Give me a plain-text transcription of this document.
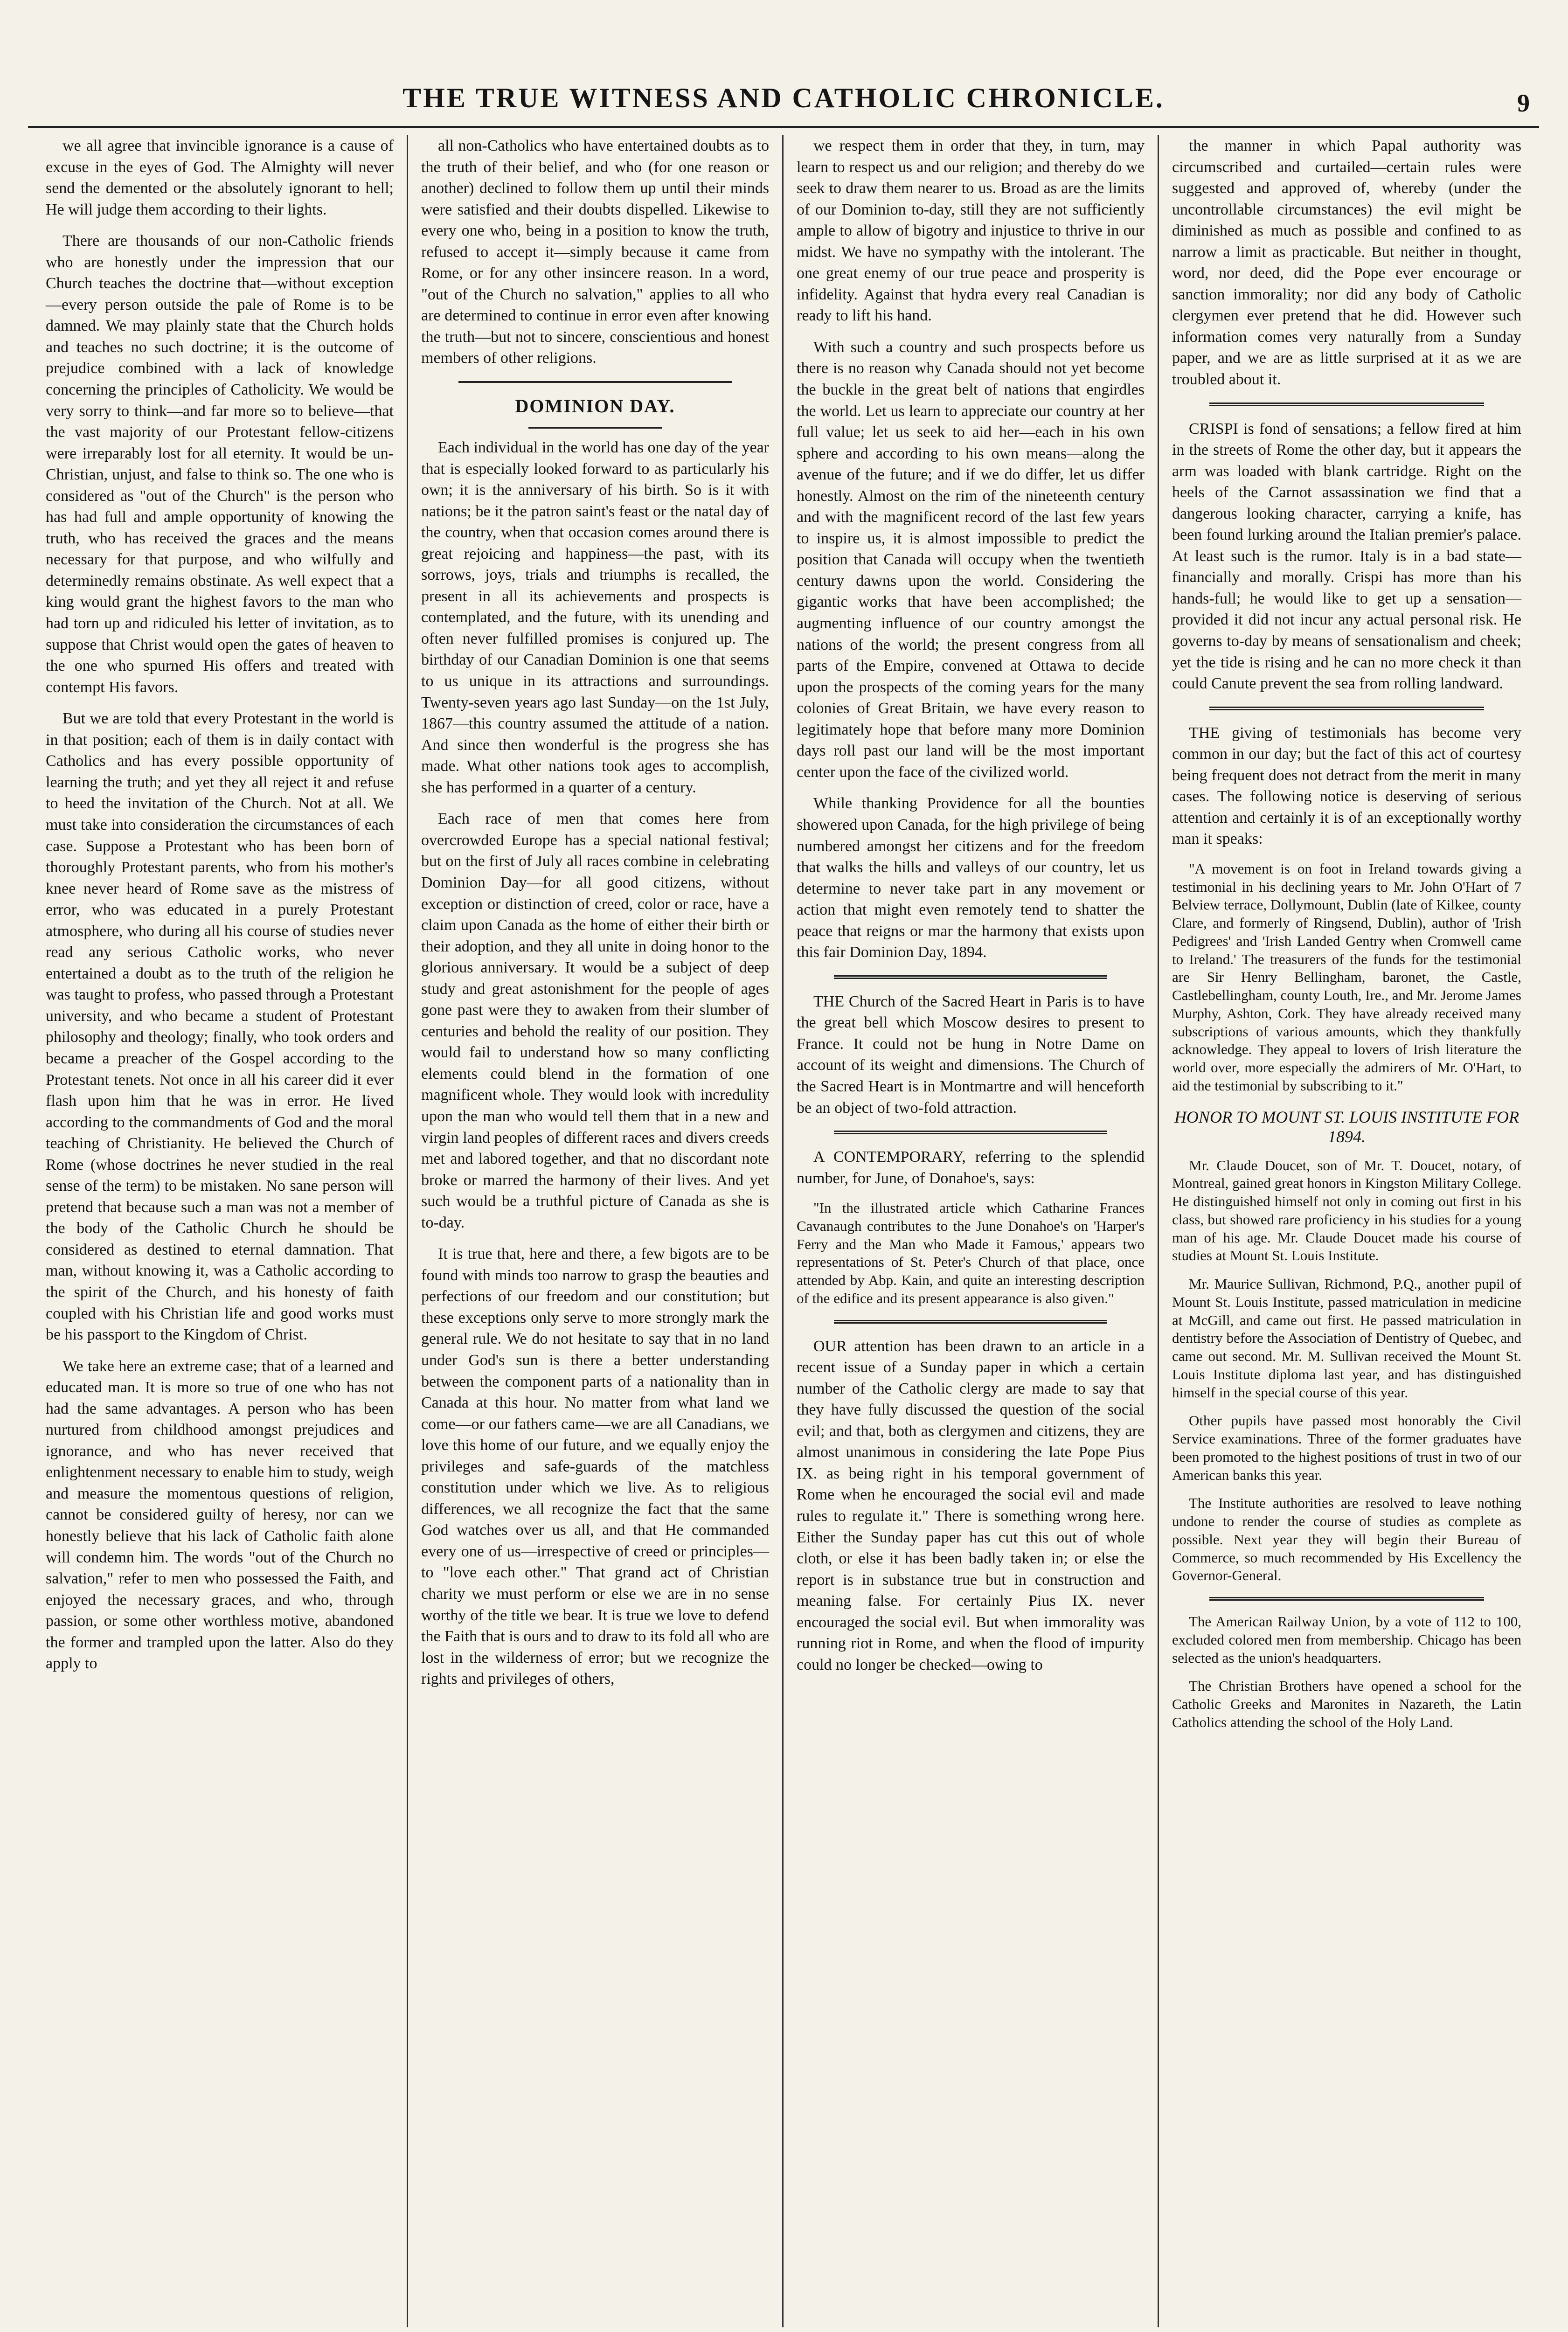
THE TRUE WITNESS AND CATHOLIC CHRONICLE.	9

we all agree that invincible ignorance is a cause of excuse in the eyes of God. The Almighty will never send the demented or the absolutely ignorant to hell; He will judge them according to their lights.

There are thousands of our non-Catholic friends who are honestly under the impression that our Church teaches the doctrine that—without exception—every person outside the pale of Rome is to be damned. We may plainly state that the Church holds and teaches no such doctrine; it is the outcome of prejudice combined with a lack of knowledge concerning the principles of Catholicity. We would be very sorry to think—and far more so to believe—that the vast majority of our Protestant fellow-citizens were irreparably lost for all eternity. It would be un-Christian, unjust, and false to think so. The one who is considered as "out of the Church" is the person who has had full and ample opportunity of knowing the truth, who has received the graces and the means necessary for that purpose, and who wilfully and determinedly remains obstinate. As well expect that a king would grant the highest favors to the man who had torn up and ridiculed his letter of invitation, as to suppose that Christ would open the gates of heaven to the one who spurned His offers and treated with contempt His favors.

But we are told that every Protestant in the world is in that position; each of them is in daily contact with Catholics and has every possible opportunity of learning the truth; and yet they all reject it and refuse to heed the invitation of the Church. Not at all. We must take into consideration the circumstances of each case. Suppose a Protestant who has been born of thoroughly Protestant parents, who from his mother's knee never heard of Rome save as the mistress of error, who was educated in a purely Protestant atmosphere, who during all his course of studies never read any serious Catholic works, who never entertained a doubt as to the truth of the religion he was taught to profess, who passed through a Protestant university, and who became a student of Protestant philosophy and theology; finally, who took orders and became a preacher of the Gospel according to the Protestant tenets. Not once in all his career did it ever flash upon him that he was in error. He lived according to the commandments of God and the moral teaching of Christianity. He believed the Church of Rome (whose doctrines he never studied in the real sense of the term) to be mistaken. No sane person will pretend that because such a man was not a member of the body of the Catholic Church he should be considered as destined to eternal damnation. That man, without knowing it, was a Catholic according to the spirit of the Church, and his honesty of faith coupled with his Christian life and good works must be his passport to the Kingdom of Christ.

We take here an extreme case; that of a learned and educated man. It is more so true of one who has not had the same advantages. A person who has been nurtured from childhood amongst prejudices and ignorance, and who has never received that enlightenment necessary to enable him to study, weigh and measure the momentous questions of religion, cannot be considered guilty of heresy, nor can we honestly believe that his lack of Catholic faith alone will condemn him. The words "out of the Church no salvation," refer to men who possessed the Faith, and enjoyed the necessary graces, and who, through passion, or some other worthless motive, abandoned the former and trampled upon the latter. Also do they apply to

all non-Catholics who have entertained doubts as to the truth of their belief, and who (for one reason or another) declined to follow them up until their minds were satisfied and their doubts dispelled. Likewise to every one who, being in a position to know the truth, refused to accept it—simply because it came from Rome, or for any other insincere reason. In a word, "out of the Church no salvation," applies to all who are determined to continue in error even after knowing the truth—but not to sincere, conscientious and honest members of other religions.

DOMINION DAY.

Each individual in the world has one day of the year that is especially looked forward to as particularly his own; it is the anniversary of his birth. So is it with nations; be it the patron saint's feast or the natal day of the country, when that occasion comes around there is great rejoicing and happiness—the past, with its sorrows, joys, trials and triumphs is recalled, the present in all its achievements and prospects is contemplated, and the future, with its unending and often never fulfilled promises is conjured up. The birthday of our Canadian Dominion is one that seems to us unique in its attractions and surroundings. Twenty-seven years ago last Sunday—on the 1st July, 1867—this country assumed the attitude of a nation. And since then wonderful is the progress she has made. What other nations took ages to accomplish, she has performed in a quarter of a century.

Each race of men that comes here from overcrowded Europe has a special national festival; but on the first of July all races combine in celebrating Dominion Day—for all good citizens, without exception or distinction of creed, color or race, have a claim upon Canada as the home of either their birth or their adoption, and they all unite in doing honor to the glorious anniversary. It would be a subject of deep study and great astonishment for the people of ages gone past were they to awaken from their slumber of centuries and behold the reality of our position. They would fail to understand how so many conflicting elements could blend in the formation of one magnificent whole. They would look with incredulity upon the man who would tell them that in a new and virgin land peoples of different races and divers creeds met and labored together, and that no discordant note broke or marred the harmony of their lives. And yet such would be a truthful picture of Canada as she is to-day.

It is true that, here and there, a few bigots are to be found with minds too narrow to grasp the beauties and perfections of our freedom and our constitution; but these exceptions only serve to more strongly mark the general rule. We do not hesitate to say that in no land under God's sun is there a better understanding between the component parts of a nationality than in Canada at this hour. No matter from what land we come—or our fathers came—we are all Canadians, we love this home of our future, and we equally enjoy the privileges and safe-guards of the matchless constitution under which we live. As to religious differences, we all recognize the fact that the same God watches over us all, and that He commanded every one of us—irrespective of creed or principles—to "love each other." That grand act of Christian charity we must perform or else we are in no sense worthy of the title we bear. It is true we love to defend the Faith that is ours and to draw to its fold all who are lost in the wilderness of error; but we recognize the rights and privileges of others,

we respect them in order that they, in turn, may learn to respect us and our religion; and thereby do we seek to draw them nearer to us. Broad as are the limits of our Dominion to-day, still they are not sufficiently ample to allow of bigotry and injustice to thrive in our midst. We have no sympathy with the intolerant. The one great enemy of our true peace and prosperity is infidelity. Against that hydra every real Canadian is ready to lift his hand.

With such a country and such prospects before us there is no reason why Canada should not yet become the buckle in the great belt of nations that engirdles the world. Let us learn to appreciate our country at her full value; let us seek to aid her—each in his own sphere and according to his own means—along the avenue of the future; and if we do differ, let us differ honestly. Almost on the rim of the nineteenth century and with the magnificent record of the last few years to inspire us, it is almost impossible to predict the position that Canada will occupy when the twentieth century dawns upon the world. Considering the gigantic works that have been accomplished; the augmenting influence of our country amongst the nations of the world; the present congress from all parts of the Empire, convened at Ottawa to decide upon the prospects of the coming years for the many colonies of Great Britain, we have every reason to legitimately hope that before many more Dominion days roll past our land will be the most important center upon the face of the civilized world.

While thanking Providence for all the bounties showered upon Canada, for the high privilege of being numbered amongst her citizens and for the freedom that walks the hills and valleys of our country, let us determine to never take part in any movement or action that might even remotely tend to shatter the peace that reigns or mar the harmony that exists upon this fair Dominion Day, 1894.

THE Church of the Sacred Heart in Paris is to have the great bell which Moscow desires to present to France. It could not be hung in Notre Dame on account of its weight and dimensions. The Church of the Sacred Heart is in Montmartre and will henceforth be an object of two-fold attraction.

A CONTEMPORARY, referring to the splendid number, for June, of Donahoe's, says:

"In the illustrated article which Catharine Frances Cavanaugh contributes to the June Donahoe's on 'Harper's Ferry and the Man who Made it Famous,' appears two representations of St. Peter's Church of that place, once attended by Abp. Kain, and quite an interesting description of the edifice and its present appearance is also given."

OUR attention has been drawn to an article in a recent issue of a Sunday paper in which a certain number of the Catholic clergy are made to say that they have fully discussed the question of the social evil; and that, both as clergymen and citizens, they are almost unanimous in considering the late Pope Pius IX. as being right in his temporal government of Rome when he encouraged the social evil and made rules to regulate it." There is something wrong here. Either the Sunday paper has cut this out of whole cloth, or else it has been badly taken in; or else the report is in substance true but in construction and meaning false. For certainly Pius IX. never encouraged the social evil. But when immorality was running riot in Rome, and when the flood of impurity could no longer be checked—owing to

the manner in which Papal authority was circumscribed and curtailed—certain rules were suggested and approved of, whereby (under the uncontrollable circumstances) the evil might be diminished as much as possible and confined to as narrow a limit as practicable. But neither in thought, word, nor deed, did the Pope ever encourage or sanction immorality; nor did any body of Catholic clergymen ever pretend that he did. However such information comes very naturally from a Sunday paper, and we are as little surprised at it as we are troubled about it.

CRISPI is fond of sensations; a fellow fired at him in the streets of Rome the other day, but it appears the arm was loaded with blank cartridge. Right on the heels of the Carnot assassination we find that a dangerous looking character, carrying a knife, has been found lurking around the Italian premier's palace. At least such is the rumor. Italy is in a bad state—financially and morally. Crispi has more than his hands-full; he would like to get up a sensation—provided it did not incur any actual personal risk. He governs to-day by means of sensationalism and cheek; yet the tide is rising and he can no more check it than could Canute prevent the sea from rolling landward.

THE giving of testimonials has become very common in our day; but the fact of this act of courtesy being frequent does not detract from the merit in many cases. The following notice is deserving of serious attention and certainly it is of an exceptionally worthy man it speaks:

"A movement is on foot in Ireland towards giving a testimonial in his declining years to Mr. John O'Hart of 7 Belview terrace, Dollymount, Dublin (late of Kilkee, county Clare, and formerly of Ringsend, Dublin), author of 'Irish Pedigrees' and 'Irish Landed Gentry when Cromwell came to Ireland.' The treasurers of the funds for the testimonial are Sir Henry Bellingham, baronet, the Castle, Castlebellingham, county Louth, Ire., and Mr. Jerome James Murphy, Ashton, Cork. They have already received many subscriptions of various amounts, which they thankfully acknowledge. They appeal to lovers of Irish literature the world over, more especially the admirers of Mr. O'Hart, to aid the testimonial by subscribing to it."

HONOR TO MOUNT ST. LOUIS INSTITUTE FOR 1894.

Mr. Claude Doucet, son of Mr. T. Doucet, notary, of Montreal, gained great honors in Kingston Military College. He distinguished himself not only in coming out first in his class, but showed rare proficiency in his studies for a young man of his age. Mr. Claude Doucet made his course of studies at Mount St. Louis Institute.

Mr. Maurice Sullivan, Richmond, P.Q., another pupil of Mount St. Louis Institute, passed matriculation in medicine at McGill, and came out first. He passed matriculation in dentistry before the Association of Dentistry of Quebec, and came out second. Mr. M. Sullivan received the Mount St. Louis Institute diploma last year, and has distinguished himself in the special course of this year.

Other pupils have passed most honorably the Civil Service examinations. Three of the former graduates have been promoted to the highest positions of trust in two of our American banks this year.

The Institute authorities are resolved to leave nothing undone to render the course of studies as complete as possible. Next year they will begin their Bureau of Commerce, so much recommended by His Excellency the Governor-General.

The American Railway Union, by a vote of 112 to 100, excluded colored men from membership. Chicago has been selected as the union's headquarters.

The Christian Brothers have opened a school for the Catholic Greeks and Maronites in Nazareth, the Latin Catholics attending the school of the Holy Land.
